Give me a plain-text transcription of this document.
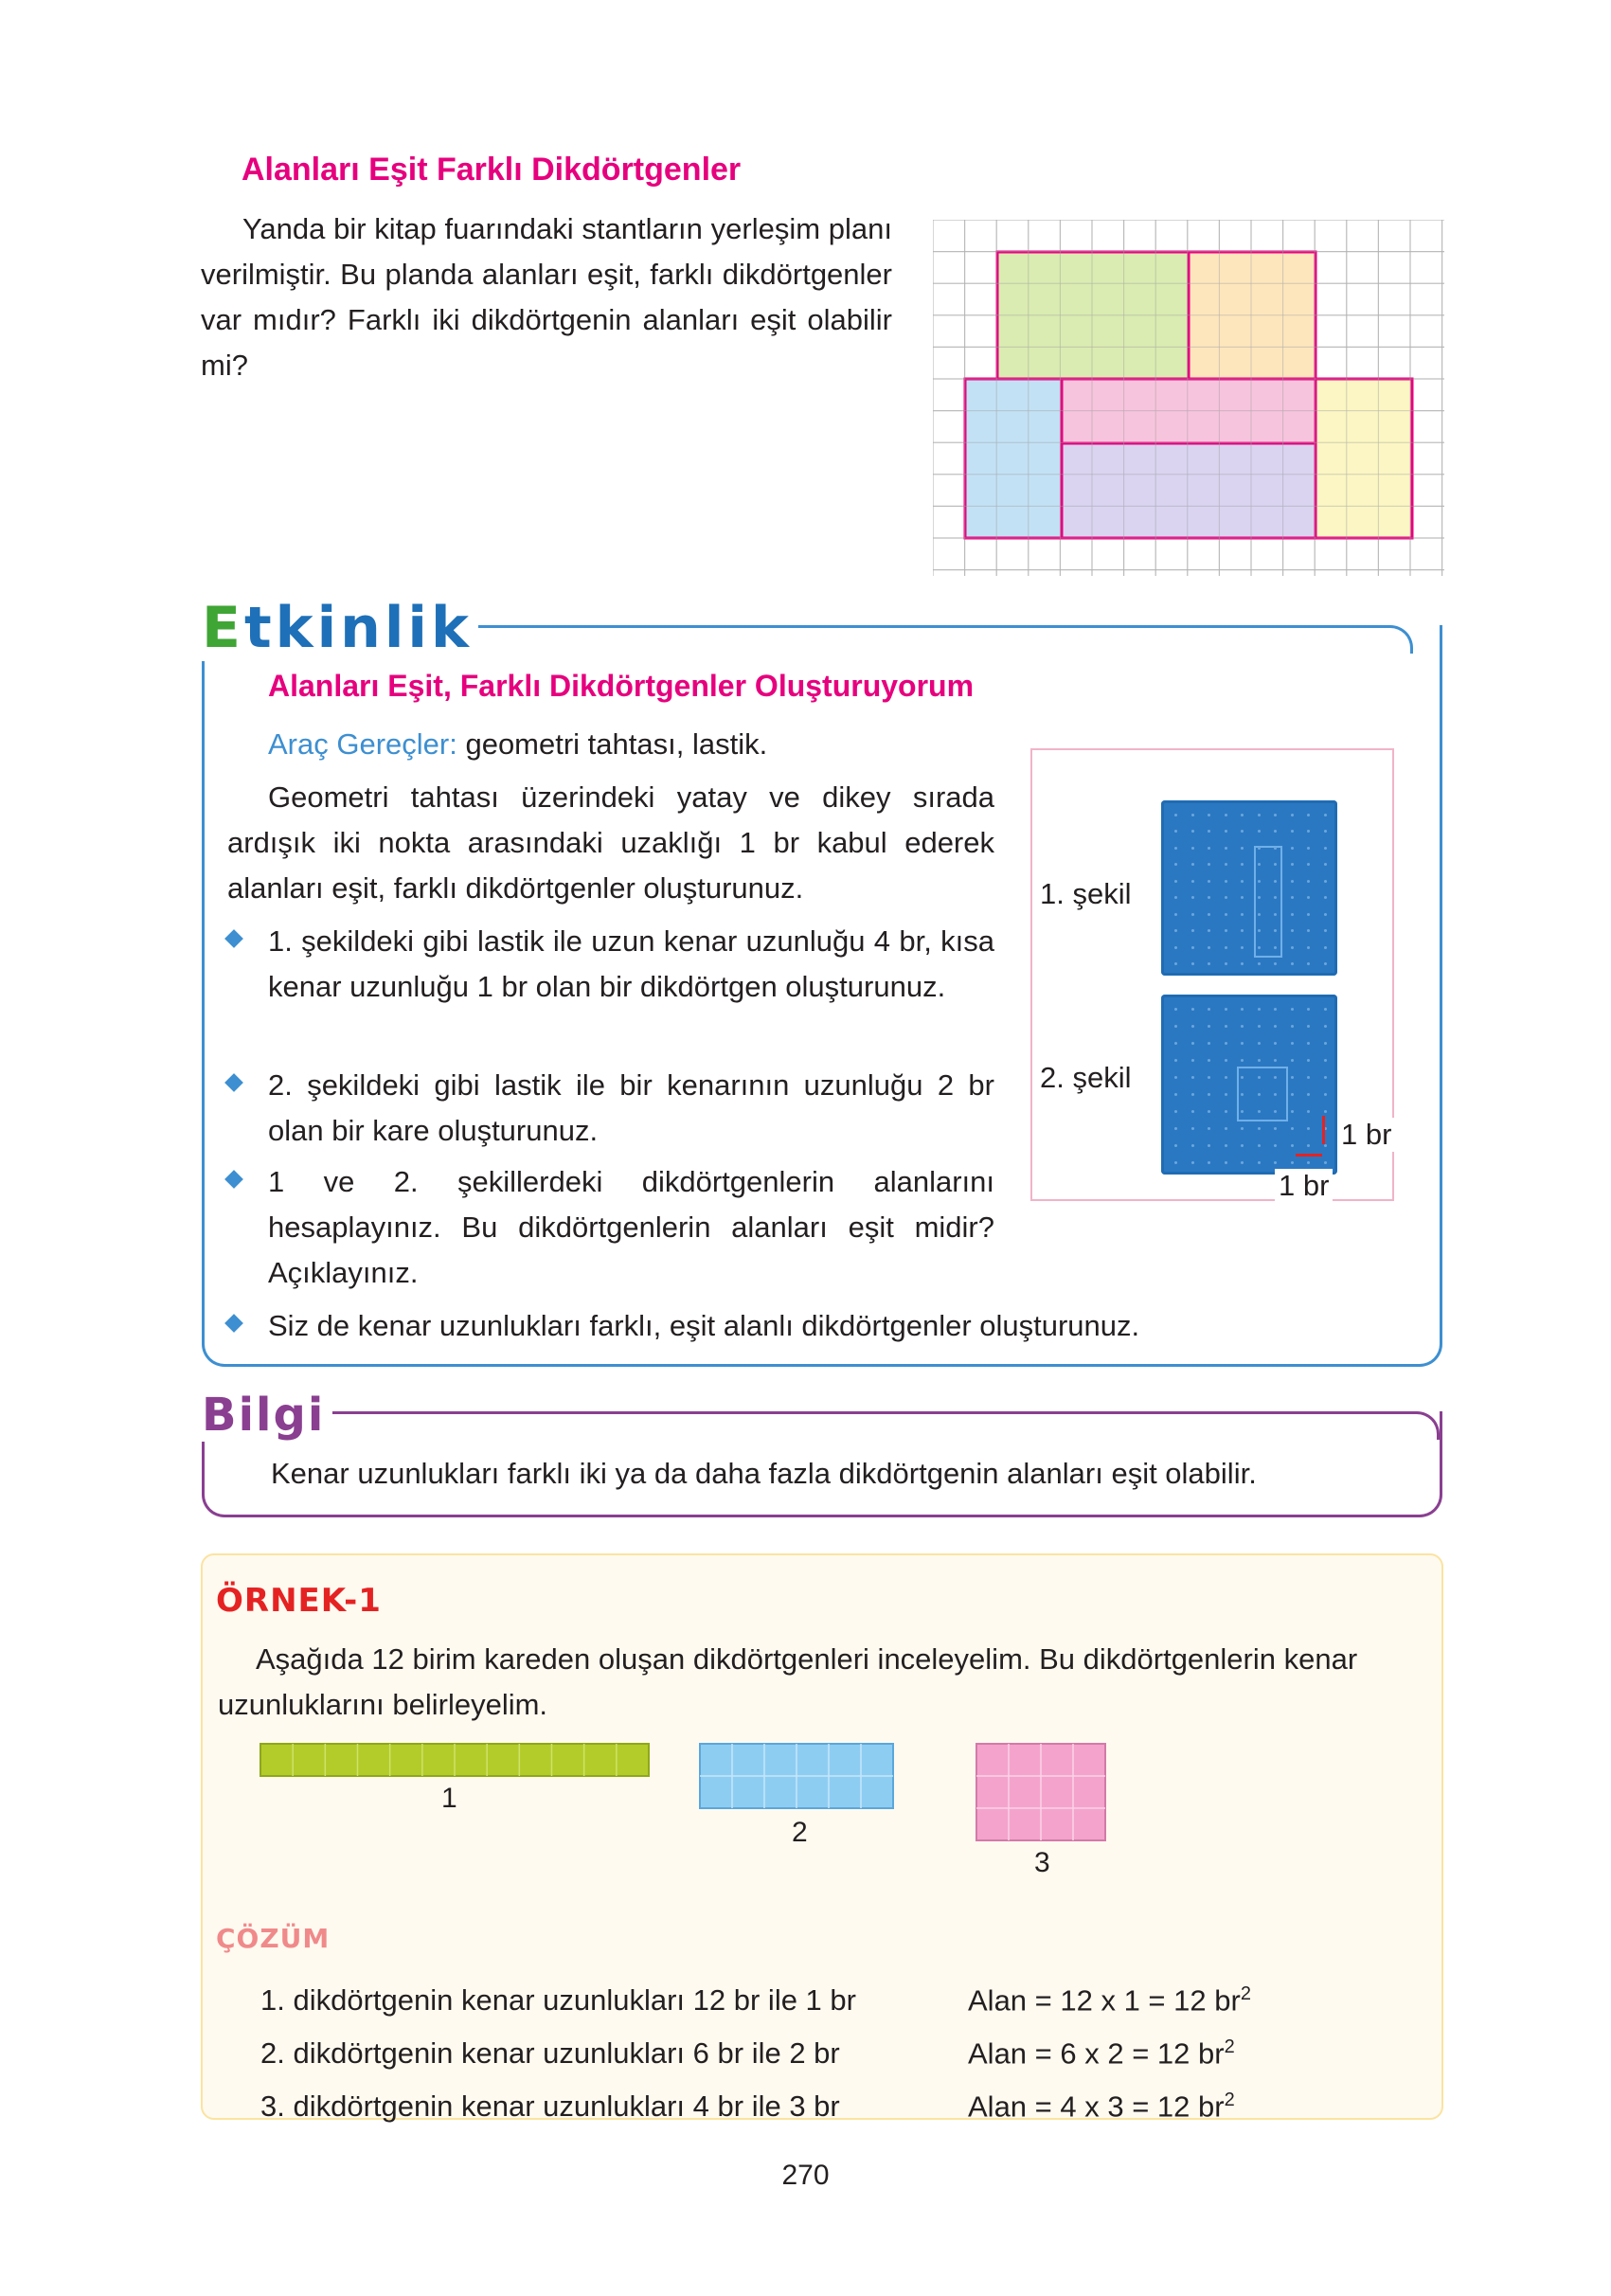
Alanları Eşit Farklı Dikdörtgenler
Yanda bir kitap fuarındaki stantların yerleşim planı verilmiştir. Bu planda alanları eşit, farklı dikdörtgenler var mıdır? Farklı iki dikdörtgenin alanları eşit olabilir mi?
Etkinlik
Alanları Eşit, Farklı Dikdörtgenler Oluşturuyorum
Araç Gereçler: geometri tahtası, lastik.
Geometri tahtası üzerindeki yatay ve dikey sırada ardışık iki nokta arasındaki uzaklığı 1 br kabul ederek alanları eşit, farklı dikdörtgenler oluşturunuz.
1. şekildeki gibi lastik ile uzun kenar uzunluğu 4 br, kısa kenar uzunluğu 1 br olan bir dikdörtgen oluşturunuz.
2. şekildeki gibi lastik ile bir kenarının uzunluğu 2 br olan bir kare oluşturunuz.
1 ve 2. şekillerdeki dikdörtgenlerin alanlarını hesaplayınız. Bu dikdörtgenlerin alanları eşit midir? Açıklayınız.
Siz de kenar uzunlukları farklı, eşit alanlı dikdörtgenler oluşturunuz.
1. şekil
2. şekil
1 br
1 br
Bilgi
Kenar uzunlukları farklı iki ya da daha fazla dikdörtgenin alanları eşit olabilir.
ÖRNEK-1
Aşağıda 12 birim kareden oluşan dikdörtgenleri inceleyelim. Bu dikdörtgenlerin kenar uzunluklarını belirleyelim.
1
2
3
ÇÖZÜM
1. dikdörtgenin kenar uzunlukları 12 br ile 1 br	Alan = 12 x 1 = 12 $br^2$
2. dikdörtgenin kenar uzunlukları 6 br ile 2 br	Alan = 6 x 2 = 12 $br^2$
3. dikdörtgenin kenar uzunlukları 4 br ile 3 br	Alan = 4 x 3 = 12 $br^2$
270
